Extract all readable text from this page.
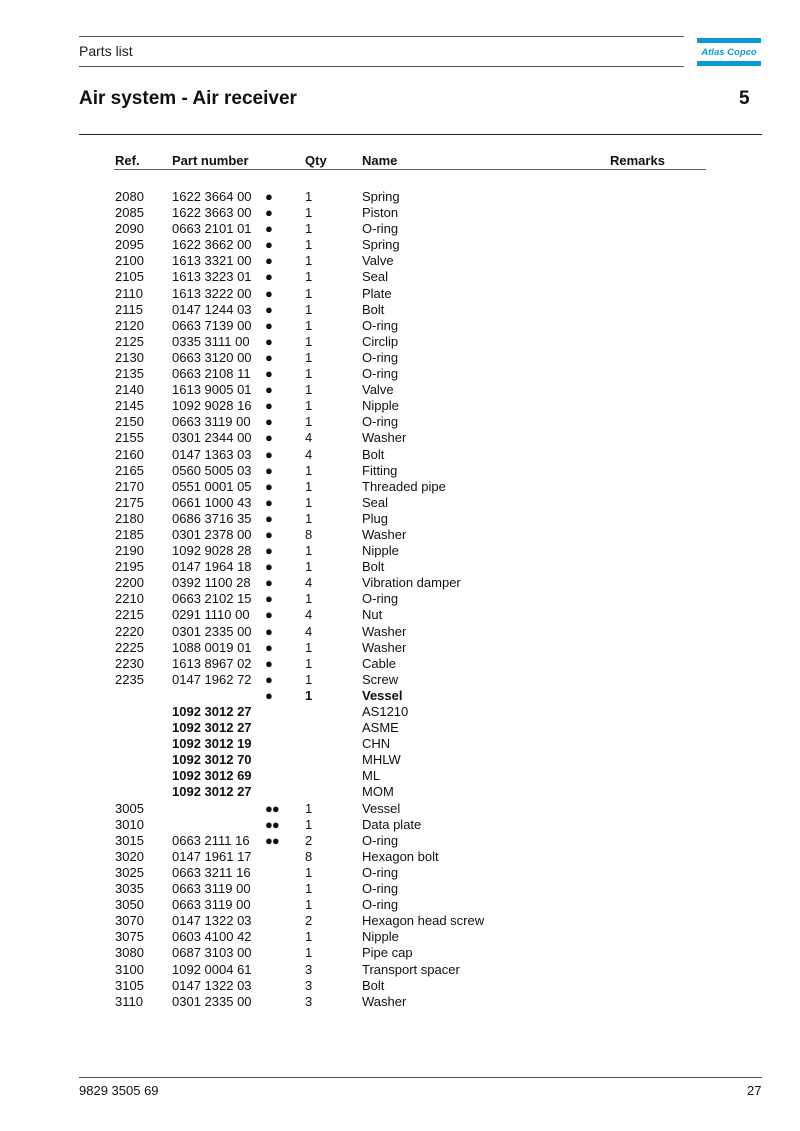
Parts list	Atlas Copco
Air system - Air receiver	5
Ref. Part number	Qty	Name	Remarks
2080 1622 3664 00 ●	1	Spring
2085 1622 3663 00 ●	1	Piston
2090 0663 2101 01 ●	1	O-ring
2095 1622 3662 00 ●	1	Spring
2100 1613 3321 00 ●	1	Valve
2105 1613 3223 01 ●	1	Seal
2110 1613 3222 00 ●	1	Plate
2115 0147 1244 03 ●	1	Bolt
2120 0663 7139 00 ●	1	O-ring
2125 0335 3111 00 ●	1	Circlip
2130 0663 3120 00 ●	1	O-ring
2135 0663 2108 11 ●	1	O-ring
2140 1613 9005 01 ●	1	Valve
2145 1092 9028 16 ●	1	Nipple
2150 0663 3119 00 ●	1	O-ring
2155 0301 2344 00 ●	4	Washer
2160 0147 1363 03 ●	4	Bolt
2165 0560 5005 03 ●	1	Fitting
2170 0551 0001 05 ●	1	Threaded pipe
2175 0661 1000 43 ●	1	Seal
2180 0686 3716 35 ●	1	Plug
2185 0301 2378 00 ●	8	Washer
2190 1092 9028 28 ●	1	Nipple
2195 0147 1964 18 ●	1	Bolt
2200 0392 1100 28 ●	4	Vibration damper
2210 0663 2102 15 ●	1	O-ring
2215 0291 1110 00 ●	4	Nut
2220 0301 2335 00 ●	4	Washer
2225 1088 0019 01 ●	1	Washer
2230 1613 8967 02 ●	1	Cable
2235 0147 1962 72 ●	1	Screw
●	1	Vessel
1092 3012 27	AS1210
1092 3012 27	ASME
1092 3012 19	CHN
1092 3012 70	MHLW
1092 3012 69	ML
1092 3012 27	MOM
3005	●●	1	Vessel
3010	●●	1	Data plate
3015 0663 2111 16 ●●	2	O-ring
3020 0147 1961 17	8	Hexagon bolt
3025 0663 3211 16	1	O-ring
3035 0663 3119 00	1	O-ring
3050 0663 3119 00	1	O-ring
3070 0147 1322 03	2	Hexagon head screw
3075 0603 4100 42	1	Nipple
3080 0687 3103 00	1	Pipe cap
3100 1092 0004 61	3	Transport spacer
3105 0147 1322 03	3	Bolt
3110 0301 2335 00	3	Washer
9829 3505 69	27
